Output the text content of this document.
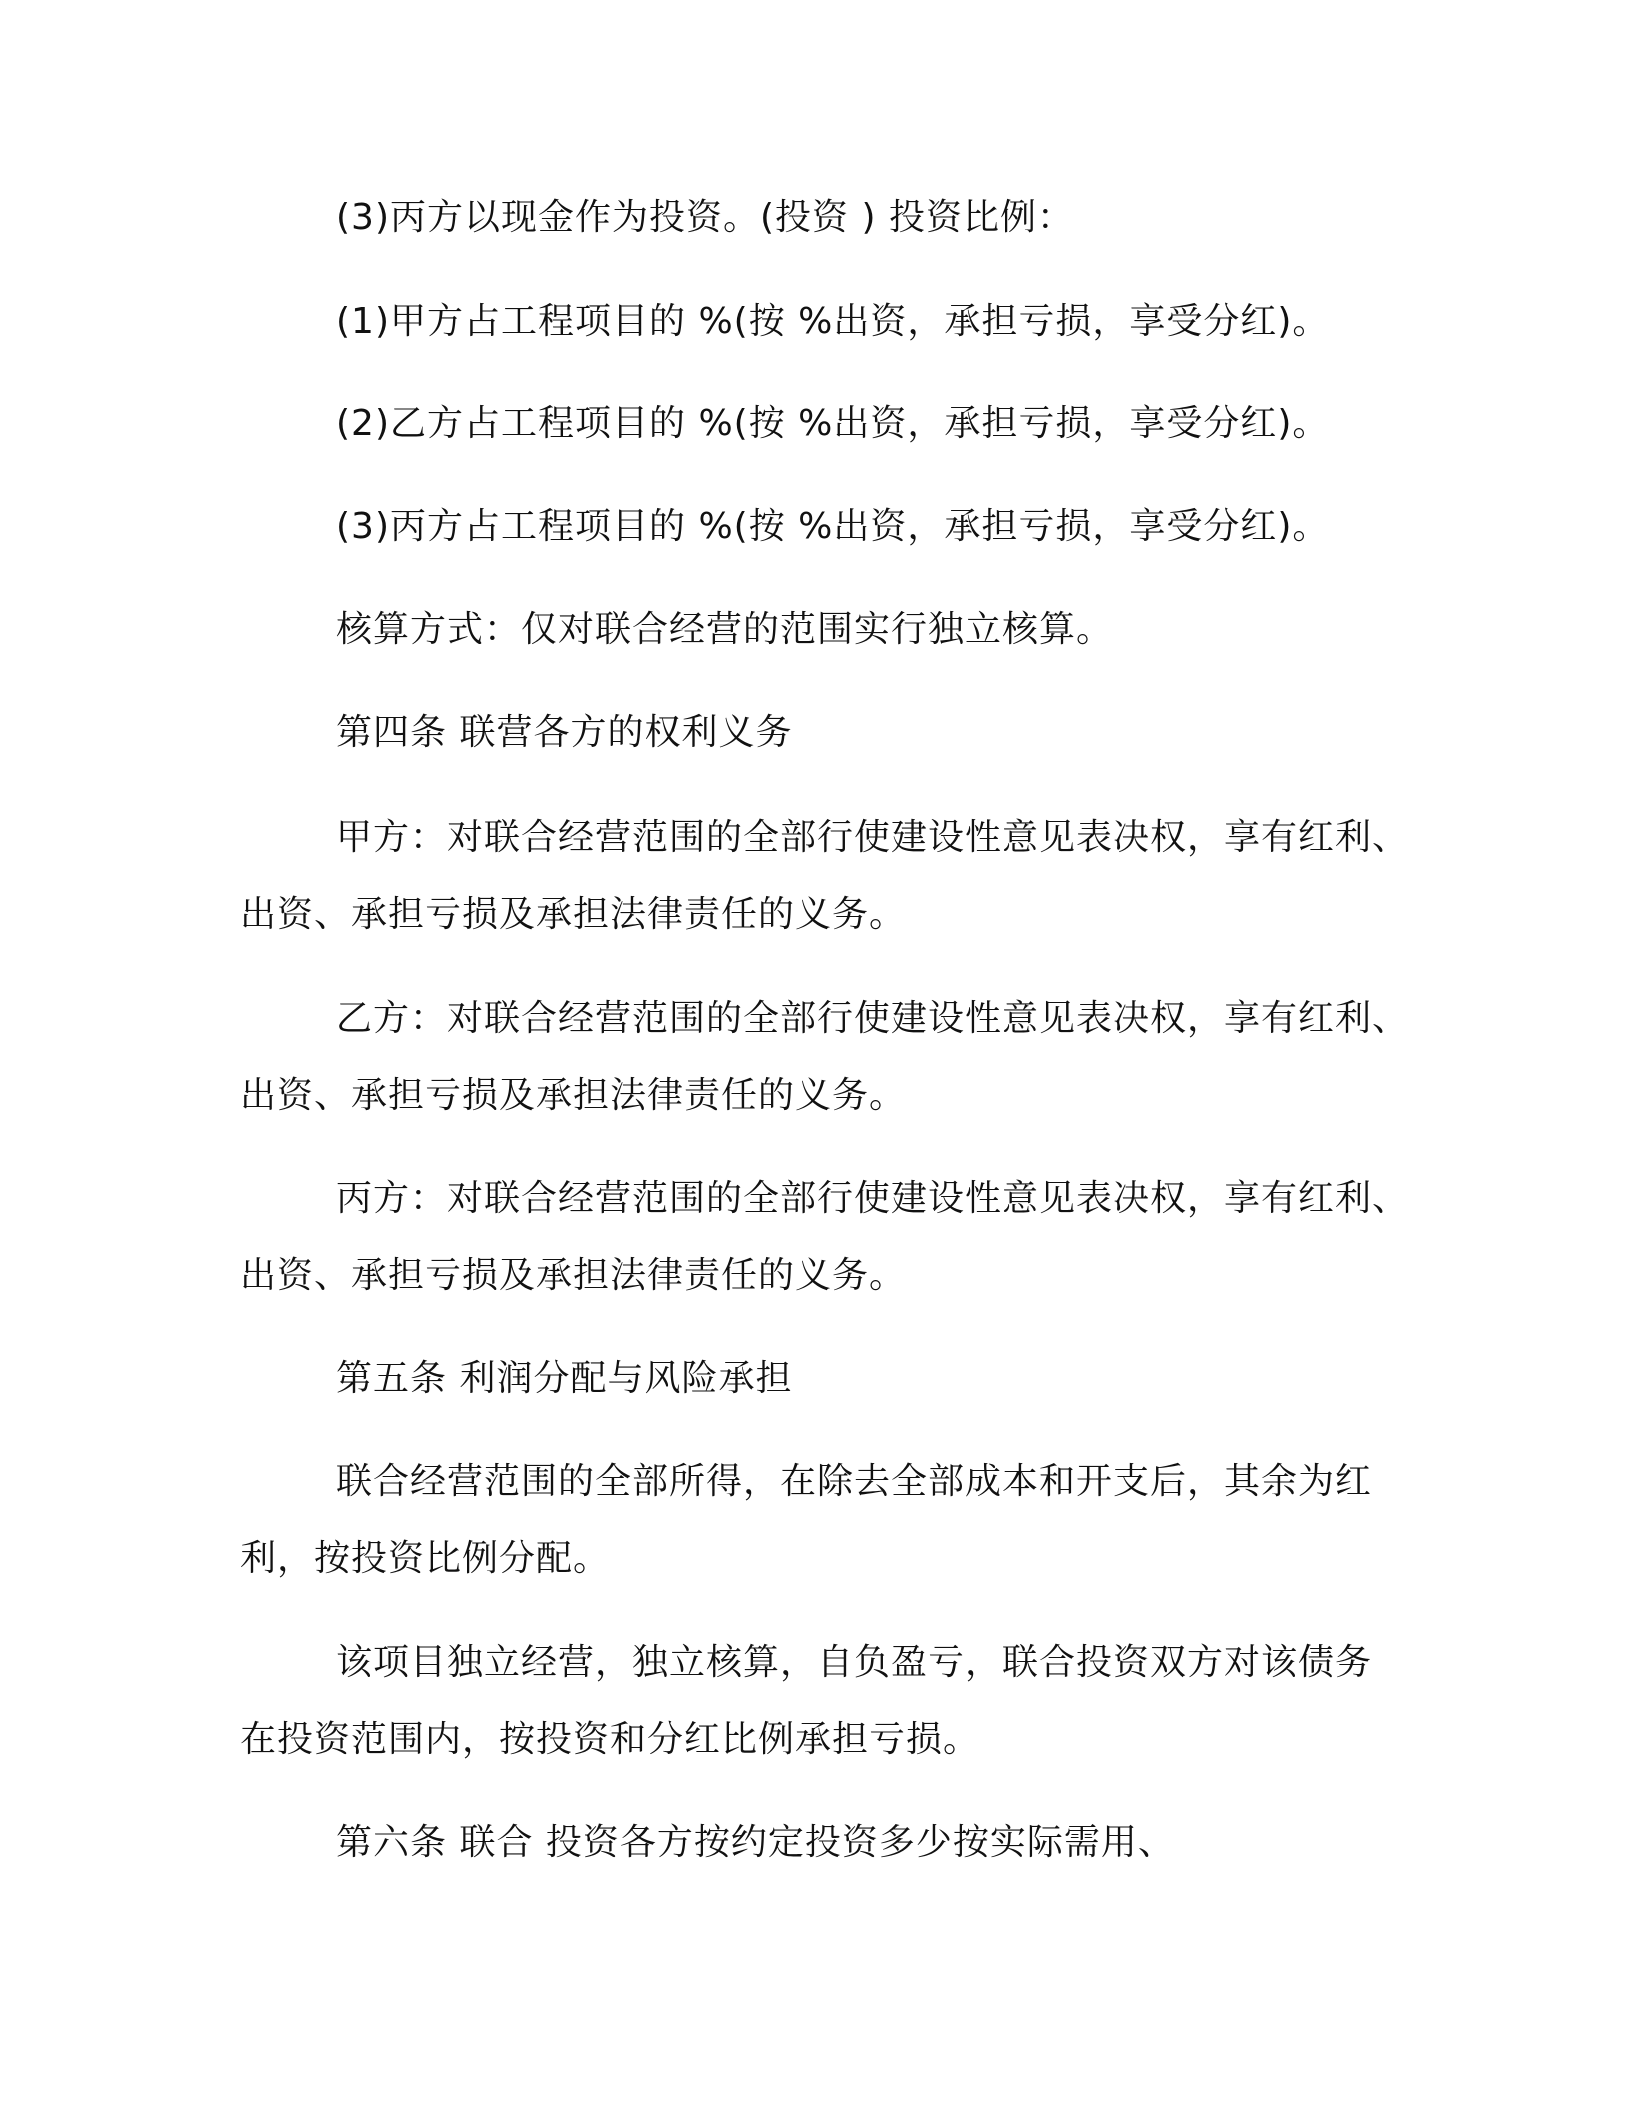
(3)丙方以现金作为投资。(投资 ) 投资比例：
(1)甲方占工程项目的 %(按 %出资，承担亏损，享受分红)。
(2)乙方占工程项目的 %(按 %出资，承担亏损，享受分红)。
(3)丙方占工程项目的 %(按 %出资，承担亏损，享受分红)。
核算方式：仅对联合经营的范围实行独立核算。
第四条 联营各方的权利义务
甲方：对联合经营范围的全部行使建设性意见表决权，享有红利、
出资、承担亏损及承担法律责任的义务。
乙方：对联合经营范围的全部行使建设性意见表决权，享有红利、
出资、承担亏损及承担法律责任的义务。
丙方：对联合经营范围的全部行使建设性意见表决权，享有红利、
出资、承担亏损及承担法律责任的义务。
第五条 利润分配与风险承担
联合经营范围的全部所得，在除去全部成本和开支后，其余为红
利，按投资比例分配。
该项目独立经营，独立核算，自负盈亏，联合投资双方对该债务
在投资范围内，按投资和分红比例承担亏损。
第六条 联合 投资各方按约定投资多少按实际需用、
